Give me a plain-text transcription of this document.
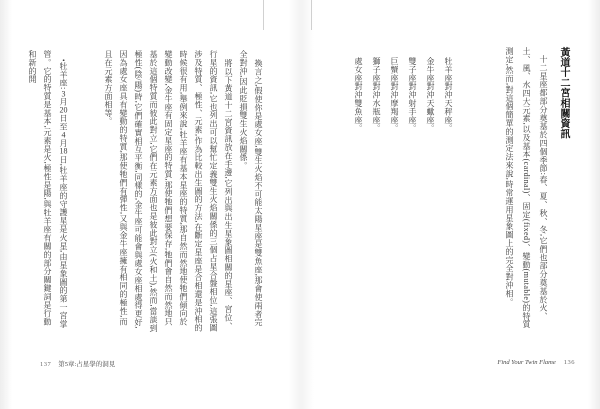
黃道十二宮相關資訊

十二星座都部分奠基於四個季節:春、夏、秋、冬,它們也部分奠基於火、土、風、水四大元素,以及基本(cardinal)、固定(fixed)、變動(mutable)的特質測定,然而,對這個簡單的測定法來說,時常運用星象圖上的完全對沖相。

牡羊座對沖天秤座。

金牛座對沖天蠍座。

雙子座對沖射手座。

巨蟹座對沖摩羯座。

獅子座對沖水瓶座。

處女座對沖雙魚座。

Find Your Twin Flame 136

換言之,假使你是處女座,雙生火焰不可能太陽星座是雙魚座,那會使兩者完全對沖,因此貶損雙生火焰關係。

將以下黃道十二宮資訊放在手邊,它列出與出生星象圖相關的星座、宮位、行星的資訊,它也列出可以幫忙定義雙生火焰關係的三個占星合盤相位,這張圖涉及特質、極性、元素,作為比較出生圖的方法,在斷定星座是合相還是沖相的時候很有用,舉例來說,牡羊座有基本星座的特質,那自然而然地使牠們傾向於變動改變,金牛座有固定星座的特質,那使牠們想要保存,牠們會自然而然地只基於這個特質而彼此對立,它們在元素方面也是彼此對立(火和土),然而,當談到極性(陰/陽)時,它們確實相互平衡,同樣的,金牛座可能會與處女座相處得更好,因為處女座具有變動的特質,那使牠們有彈性,又與金牛座擁有相同的極性,而且在元素方面相等。

•牡羊座:3月20日至4月18日,牡羊座的守護星是火星,由星象圖的第一宮掌管。它的特質是基本,元素是火,極性是陽,與牡羊座有關的部分關鍵詞是行動和新的開

137 第5章:占星學的洞見
